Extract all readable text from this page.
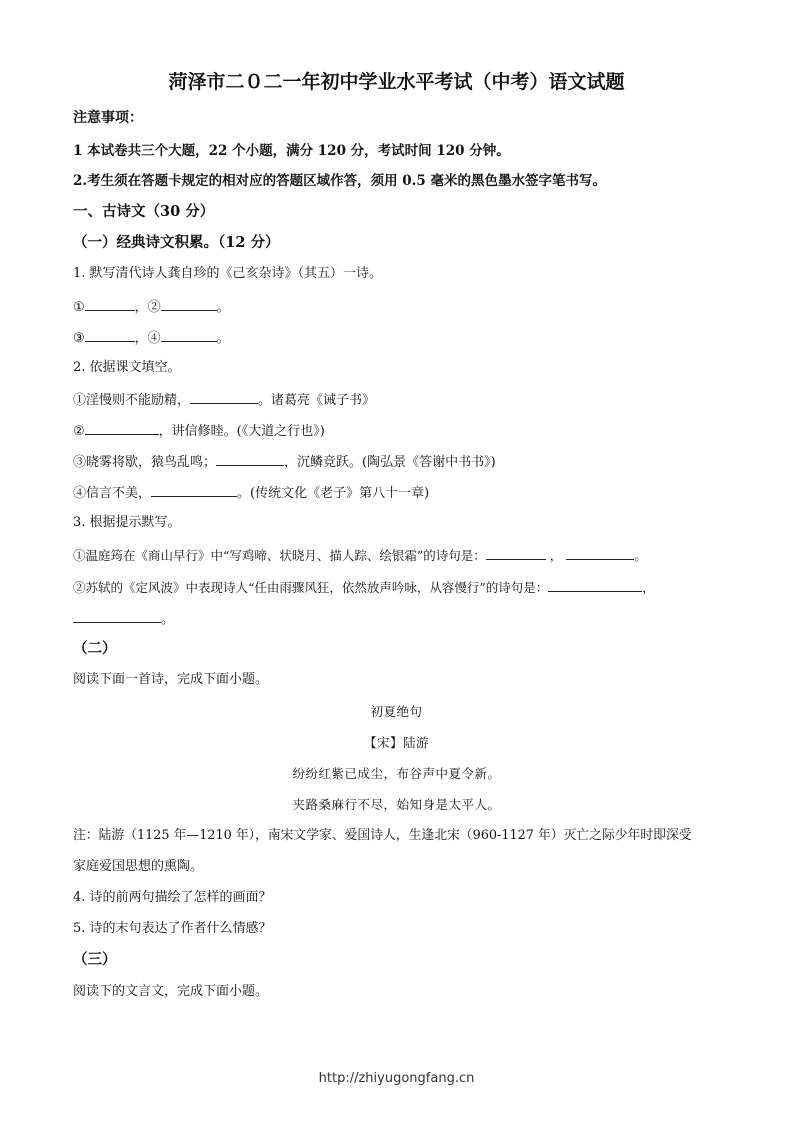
菏泽市二０二一年初中学业水平考试（中考）语文试题
注意事项：
1 本试卷共三个大题，22 个小题，满分 120 分，考试时间 120 分钟。
2.考生须在答题卡规定的相对应的答题区域作答，须用 0.5 毫米的黑色墨水签字笔书写。
一、古诗文（30 分）
（一）经典诗文积累。（12 分）
1. 默写清代诗人龚自珍的《己亥杂诗》（其五）一诗。
①	，②	。
③	，④	。
2. 依据课文填空。
①淫慢则不能励精，	。诸葛亮《诫子书》
②	，讲信修睦。(《大道之行也》)
③晓雾将歇，猿鸟乱鸣；	，沉鳞竞跃。(陶弘景《答谢中书书》)
④信言不美，	。(传统文化《老子》第八十一章)
3. 根据提示默写。
①温庭筠在《商山早行》中“写鸡啼、状晓月、描人踪、绘银霜”的诗句是：	，	。
②苏轼的《定风波》中表现诗人“任由雨骤风狂，依然放声吟咏，从容慢行”的诗句是：	，
。
（二）
阅读下面一首诗，完成下面小题。
初夏绝句
【宋】陆游
纷纷红紫已成尘，布谷声中夏令新。
夹路桑麻行不尽，始知身是太平人。
注：陆游（1125 年—1210 年），南宋文学家、爱国诗人，生逢北宋（960-1127 年）灭亡之际少年时即深受
家庭爱国思想的熏陶。
4. 诗的前两句描绘了怎样的画面？
5. 诗的末句表达了作者什么情感？
（三）
阅读下的文言文，完成下面小题。
http://zhiyugongfang.cn
